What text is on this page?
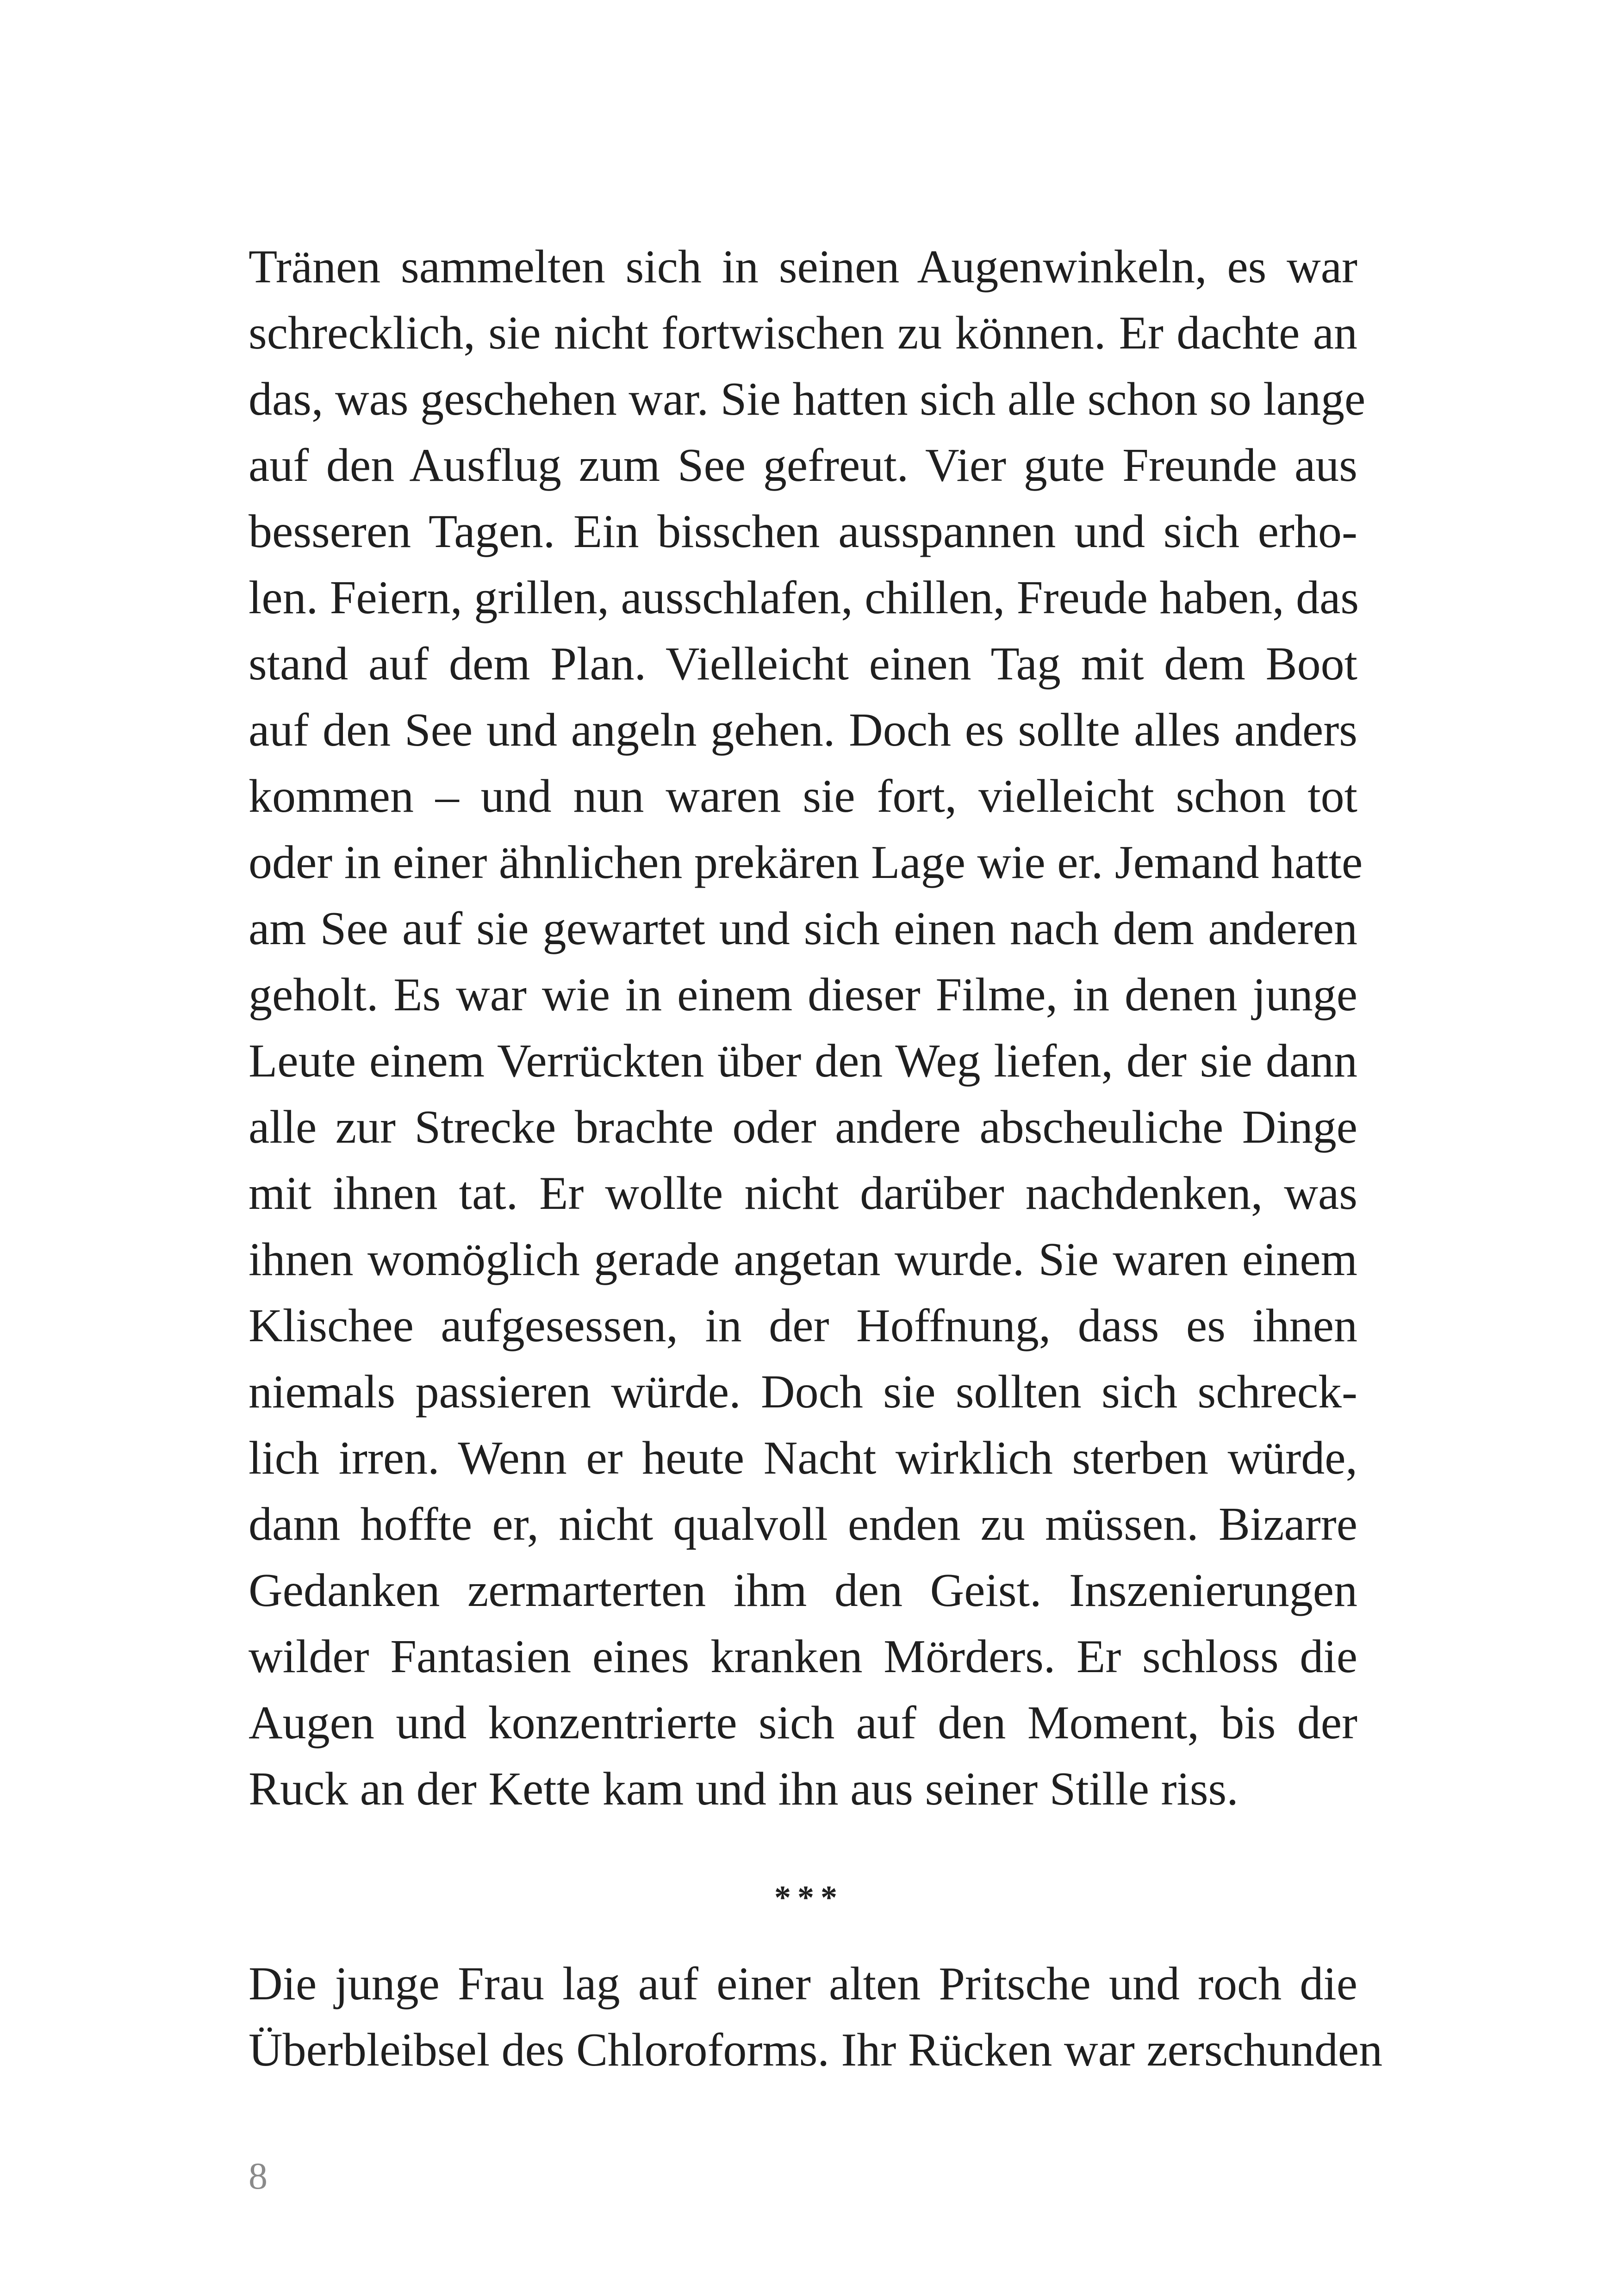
Tränen sammelten sich in seinen Augenwinkeln, es war
schrecklich, sie nicht fortwischen zu können. Er dachte an
das, was geschehen war. Sie hatten sich alle schon so lange
auf den Ausflug zum See gefreut. Vier gute Freunde aus
besseren Tagen. Ein bisschen ausspannen und sich erho-
len. Feiern, grillen, ausschlafen, chillen, Freude haben, das
stand auf dem Plan. Vielleicht einen Tag mit dem Boot
auf den See und angeln gehen. Doch es sollte alles anders
kommen – und nun waren sie fort, vielleicht schon tot
oder in einer ähnlichen prekären Lage wie er. Jemand hatte
am See auf sie gewartet und sich einen nach dem anderen
geholt. Es war wie in einem dieser Filme, in denen junge
Leute einem Verrückten über den Weg liefen, der sie dann
alle zur Strecke brachte oder andere abscheuliche Dinge
mit ihnen tat. Er wollte nicht darüber nachdenken, was
ihnen womöglich gerade angetan wurde. Sie waren einem
Klischee aufgesessen, in der Hoffnung, dass es ihnen
niemals passieren würde. Doch sie sollten sich schreck-
lich irren. Wenn er heute Nacht wirklich sterben würde,
dann hoffte er, nicht qualvoll enden zu müssen. Bizarre
Gedanken zermarterten ihm den Geist. Inszenierungen
wilder Fantasien eines kranken Mörders. Er schloss die
Augen und konzentrierte sich auf den Moment, bis der
Ruck an der Kette kam und ihn aus seiner Stille riss.
***
Die junge Frau lag auf einer alten Pritsche und roch die
Überbleibsel des Chloroforms. Ihr Rücken war zerschunden
8
